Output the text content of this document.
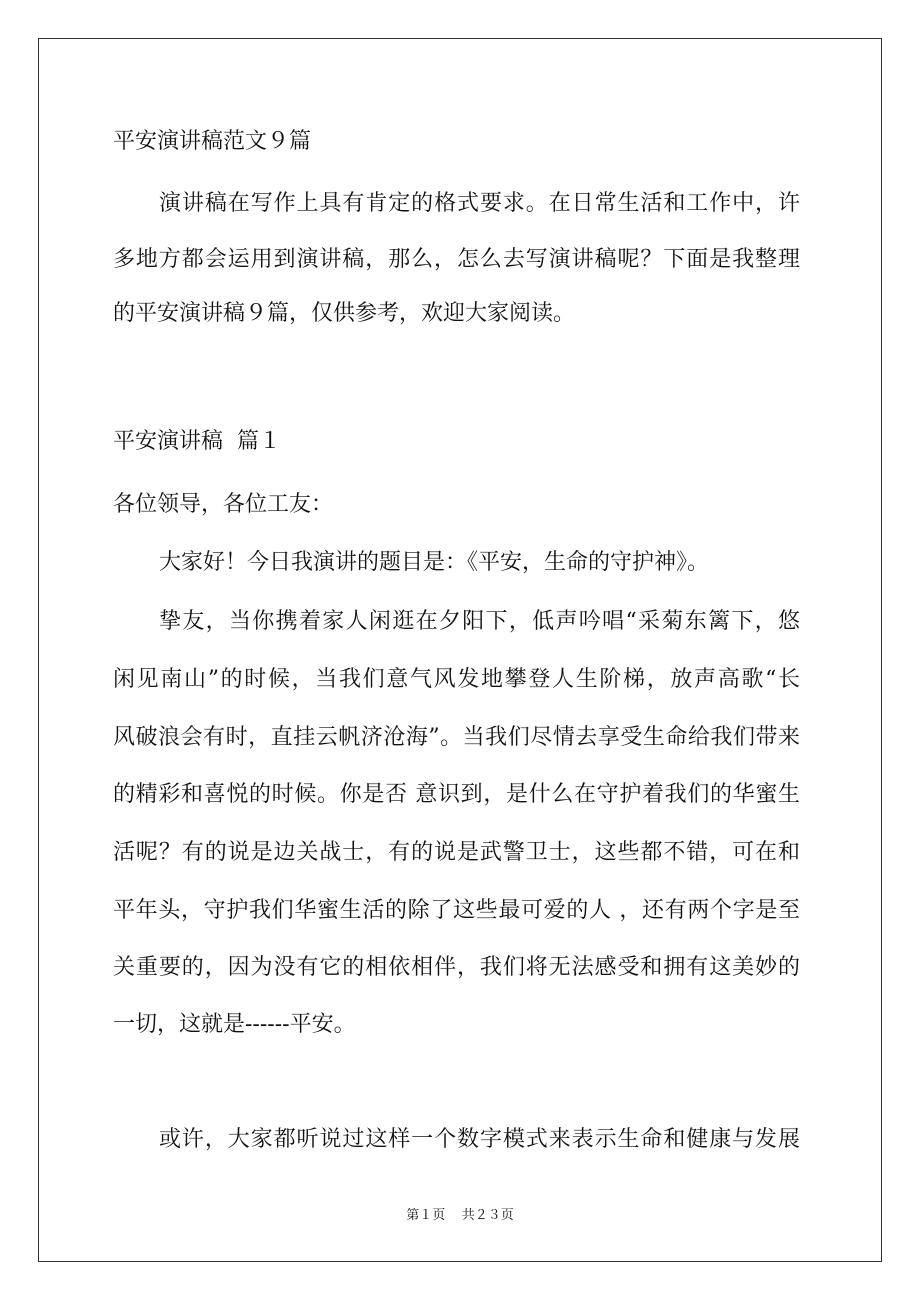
平安演讲稿范文９篇
演讲稿在写作上具有肯定的格式要求。在日常生活和工作中，许
多地方都会运用到演讲稿，那么，怎么去写演讲稿呢？下面是我整理
的平安演讲稿９篇，仅供参考，欢迎大家阅读。
平安演讲稿  篇１
各位领导，各位工友：
大家好！今日我演讲的题目是：《平安，生命的守护神》。
挚友，当你携着家人闲逛在夕阳下，低声吟唱“采菊东篱下，悠
闲见南山”的时候，当我们意气风发地攀登人生阶梯，放声高歌“长
风破浪会有时，直挂云帆济沧海”。当我们尽情去享受生命给我们带来
的精彩和喜悦的时候。你是否 意识到，是什么在守护着我们的华蜜生
活呢？有的说是边关战士，有的说是武警卫士，这些都不错，可在和
平年头，守护我们华蜜生活的除了这些最可爱的人 ，还有两个字是至
关重要的，因为没有它的相依相伴，我们将无法感受和拥有这美妙的
一切，这就是------平安。
或许，大家都听说过这样一个数字模式来表示生命和健康与发展
第１页    共２３页
